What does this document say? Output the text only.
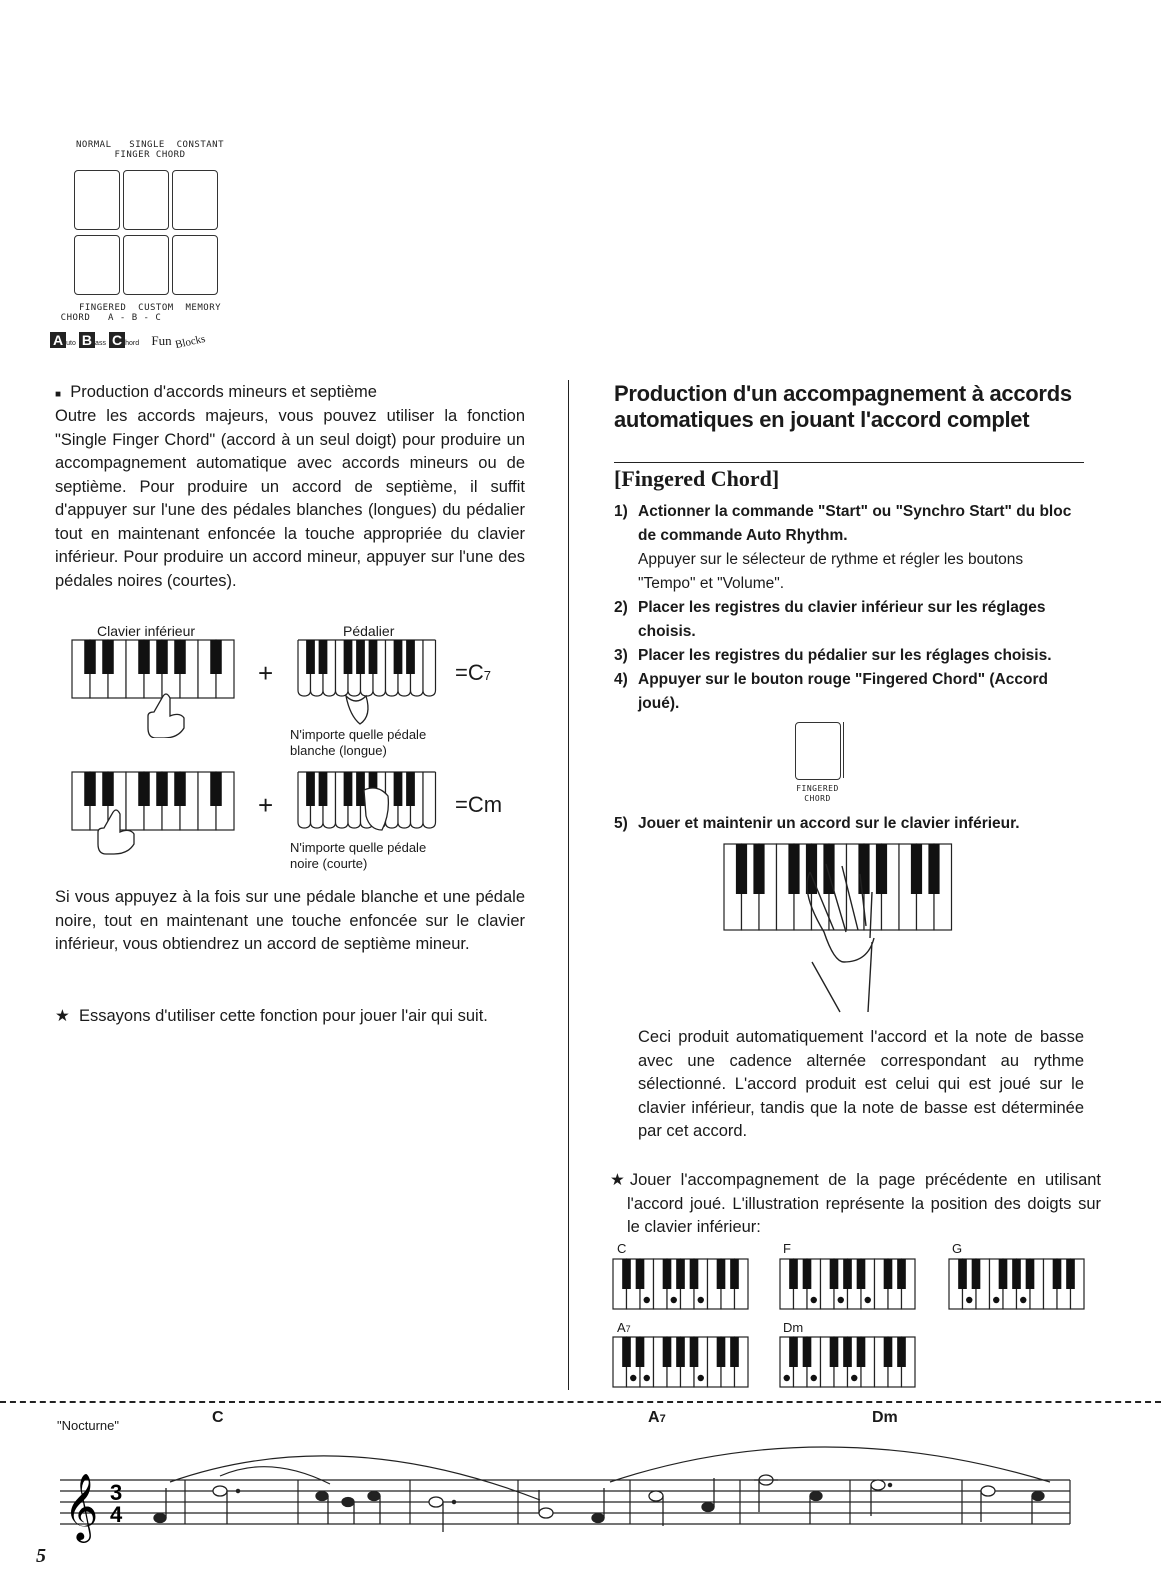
NORMAL SINGLE CONSTANT
FINGER CHORD
FINGERED CUSTOM MEMORY
CHORD A - B - C
A uto B ass C hord Fun Blocks
■ Production d'accords mineurs et septième
Outre les accords majeurs, vous pouvez utiliser la fonction "Single Finger Chord" (accord à un seul doigt) pour produire un accompagnement automatique avec accords mineurs ou de septième. Pour produire un accord de septième, il suffit d'appuyer sur l'une des pédales blanches (longues) du pédalier tout en maintenant enfoncée la touche appropriée du clavier inférieur. Pour produire un accord mineur, appuyer sur l'une des pédales noires (courtes).
Clavier inférieur	Pédalier
+	=C7
N'importe quelle pédale
blanche (longue)
+	=Cm
N'importe quelle pédale
noire (courte)
Si vous appuyez à la fois sur une pédale blanche et une pédale noire, tout en maintenant une touche enfoncée sur le clavier inférieur, vous obtiendrez un accord de septième mineur.
★  Essayons d'utiliser cette fonction pour jouer l'air qui suit.
Production d'un accompagnement à accords automatiques en jouant l'accord complet
[Fingered Chord]
1) Actionner la commande "Start" ou "Synchro Start" du bloc de commande Auto Rhythm.
Appuyer sur le sélecteur de rythme et régler les boutons "Tempo" et "Volume".
2) Placer les registres du clavier inférieur sur les réglages choisis.
3) Placer les registres du pédalier sur les réglages choisis.
4) Appuyer sur le bouton rouge "Fingered Chord" (Accord joué).
FINGERED
CHORD
5) Jouer et maintenir un accord sur le clavier inférieur.
Ceci produit automatiquement l'accord et la note de basse avec une cadence alternée correspondant au rythme sélectionné. L'accord produit est celui qui est joué sur le clavier inférieur, tandis que la note de basse est déterminée par cet accord.
★Jouer l'accompagnement de la page précédente en utilisant l'accord joué. L'illustration représente la position des doigts sur le clavier inférieur:
C	F	G
A7	Dm
"Nocturne"	C	A7	Dm
𝄞 3
4
5
